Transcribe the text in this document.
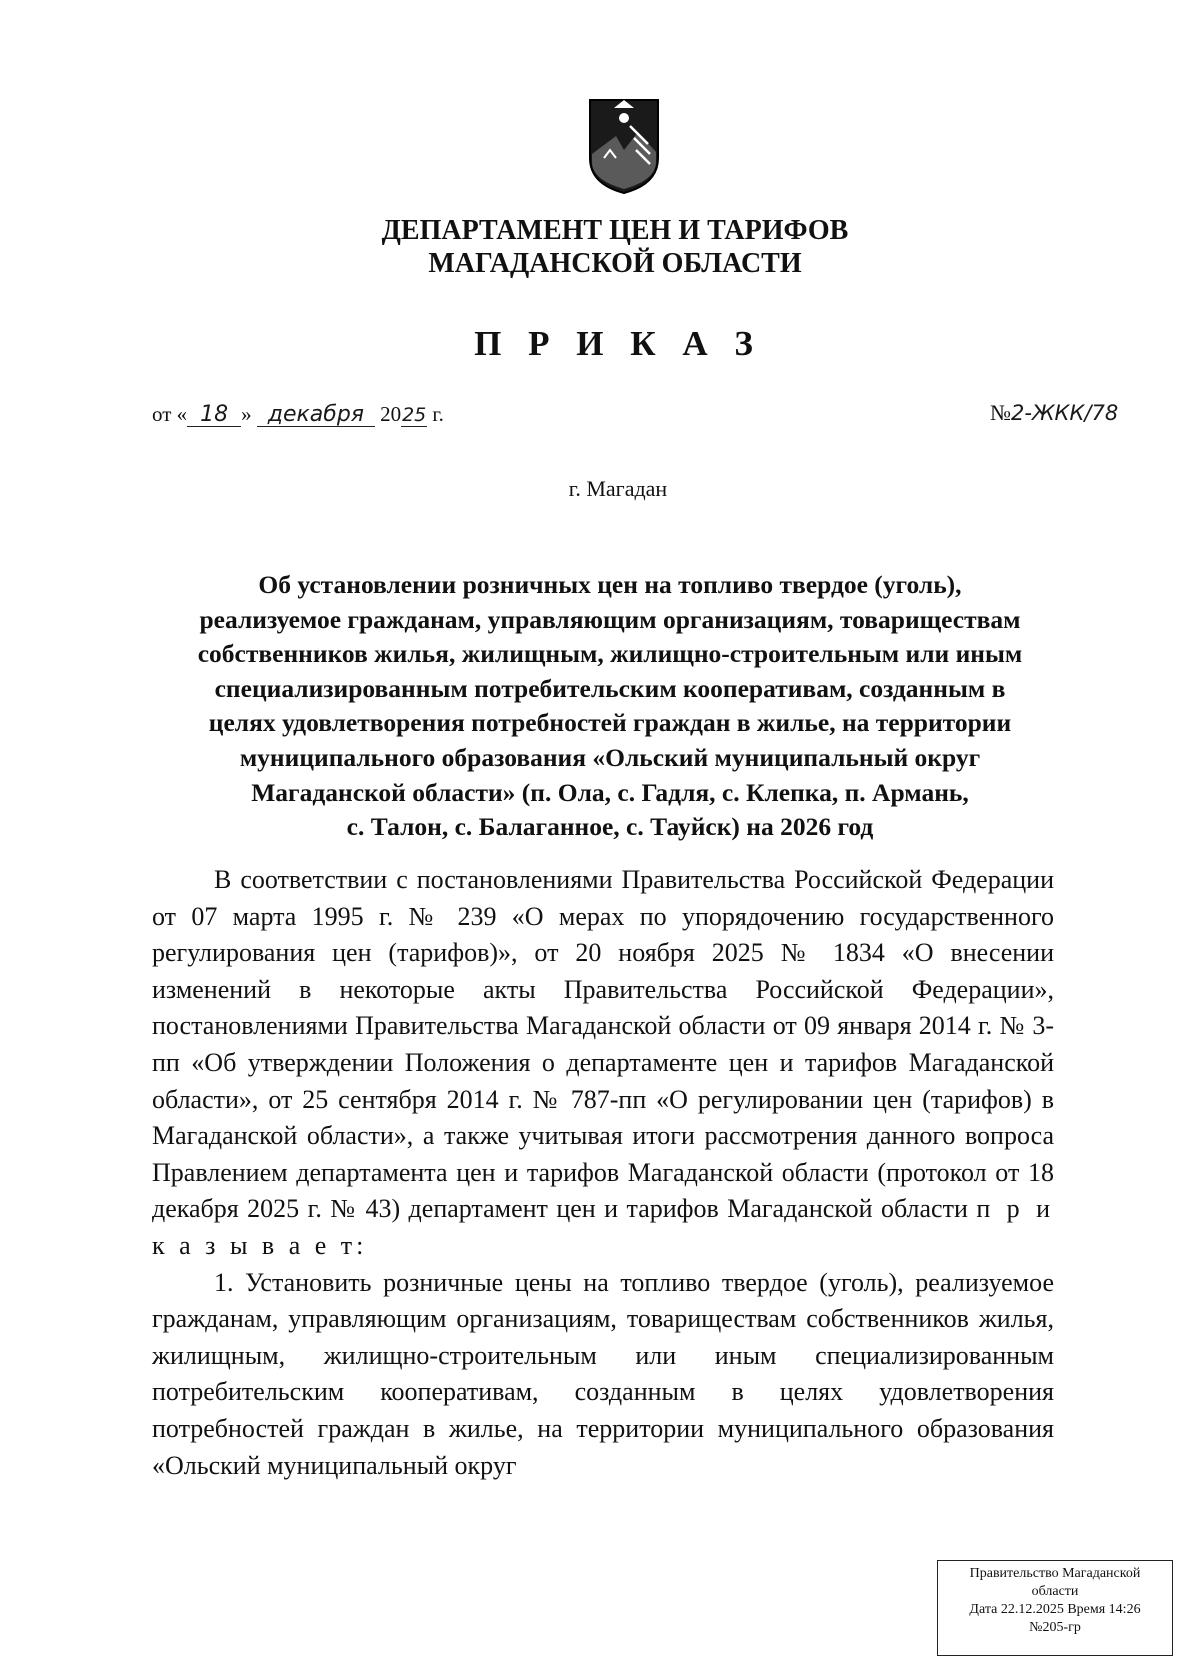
ДЕПАРТАМЕНТ ЦЕН И ТАРИФОВ
МАГАДАНСКОЙ ОБЛАСТИ
П Р И К А З
от « 18 » декабря 2025 г.	№2-ЖКК/78
г. Магадан
Об установлении розничных цен на топливо твердое (уголь),
реализуемое гражданам, управляющим организациям, товариществам
собственников жилья, жилищным, жилищно-строительным или иным
специализированным потребительским кооперативам, созданным в
целях удовлетворения потребностей граждан в жилье, на территории
муниципального образования «Ольский муниципальный округ
Магаданской области» (п. Ола, с. Гадля, с. Клепка, п. Армань,
с. Талон, с. Балаганное, с. Тауйск) на 2026 год

В соответствии с постановлениями Правительства Российской Федерации от 07 марта 1995 г. № 239 «О мерах по упорядочению государственного регулирования цен (тарифов)», от 20 ноября 2025 № 1834 «О внесении изменений в некоторые акты Правительства Российской Федерации», постановлениями Правительства Магаданской области от 09 января 2014 г. № 3-пп «Об утверждении Положения о департаменте цен и тарифов Магаданской области», от 25 сентября 2014 г. № 787-пп «О регулировании цен (тарифов) в Магаданской области», а также учитывая итоги рассмотрения данного вопроса Правлением департамента цен и тарифов Магаданской области (протокол от 18 декабря 2025 г. № 43) департамент цен и тарифов Магаданской области п р и к а з ы в а е т:

1. Установить розничные цены на топливо твердое (уголь), реализуемое гражданам, управляющим организациям, товариществам собственников жилья, жилищным, жилищно-строительным или иным специализированным потребительским кооперативам, созданным в целях удовлетворения потребностей граждан в жилье, на территории муниципального образования «Ольский муниципальный округ

Правительство Магаданской
области
Дата 22.12.2025 Время 14:26
№205-гр
